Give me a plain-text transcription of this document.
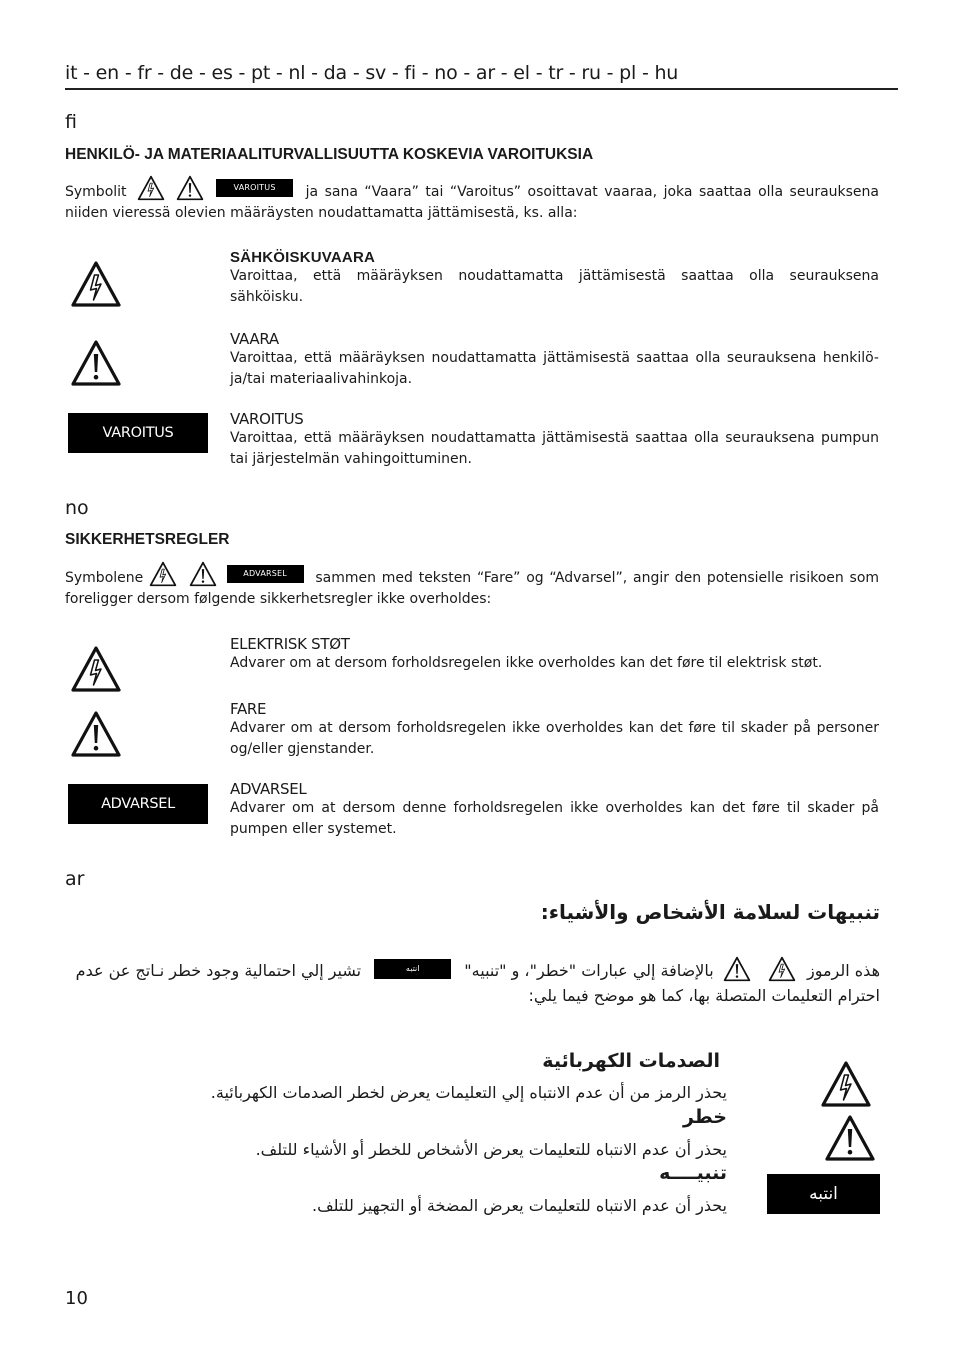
it - en - fr - de - es - pt - nl - da - sv - fi - no - ar - el - tr - ru - pl - hu
fi
HENKILÖ- JA MATERIAALITURVALLISUUTTA KOSKEVIA VAROITUKSIA
Symbolit	VAROITUS ja sana “Vaara” tai “Varoitus” osoittavat vaaraa, joka saattaa olla seurauksena niiden vieressä olevien määräysten noudattamatta jättämisestä, ks. alla:
SÄHKÖISKUVAARA
Varoittaa, että määräyksen noudattamatta jättämisestä saattaa olla seurauksena sähköisku.
VAARA
Varoittaa, että määräyksen noudattamatta jättämisestä saattaa olla seurauksena henkilö- ja/tai materiaalivahinkoja.
VAROITUS
VAROITUS
Varoittaa, että määräyksen noudattamatta jättämisestä saattaa olla seurauksena pumpun tai järjestelmän vahingoittuminen.
no
SIKKERHETSREGLER
Symbolene	ADVARSEL sammen med teksten “Fare” og “Advarsel”, angir den potensielle risikoen som foreligger dersom følgende sikkerhetsregler ikke overholdes:
ELEKTRISK STØT
Advarer om at dersom forholdsregelen ikke overholdes kan det føre til elektrisk støt.
FARE
Advarer om at dersom forholdsregelen ikke overholdes kan det føre til skader på personer og/eller gjenstander.
ADVARSEL
ADVARSEL
Advarer om at dersom denne forholdsregelen ikke overholdes kan det føre til skader på pumpen eller systemet.
ar
تنبيهات لسلامة الأشخاص والأشياء:
هذه الرموز   بالإضافة إلي عبارات "خطر"، و "تنبيه" انتبه تشير إلي احتمالية وجود خطر نـاتج عن عدم احترام التعليمات المتصلة بها، كما هو موضح فيما يلي:
الصدمات الكهربائية
يحذر الرمز من أن عدم الانتباه إلي التعليمات يعرض لخطر الصدمات الكهربائية.
خطر
يحذر أن عدم الانتباه للتعليمات يعرض الأشخاص للخطر أو الأشياء للتلف.
انتبه
تنبيــــه
يحذر أن عدم الانتباه للتعليمات يعرض المضخة أو التجهيز للتلف.
10
